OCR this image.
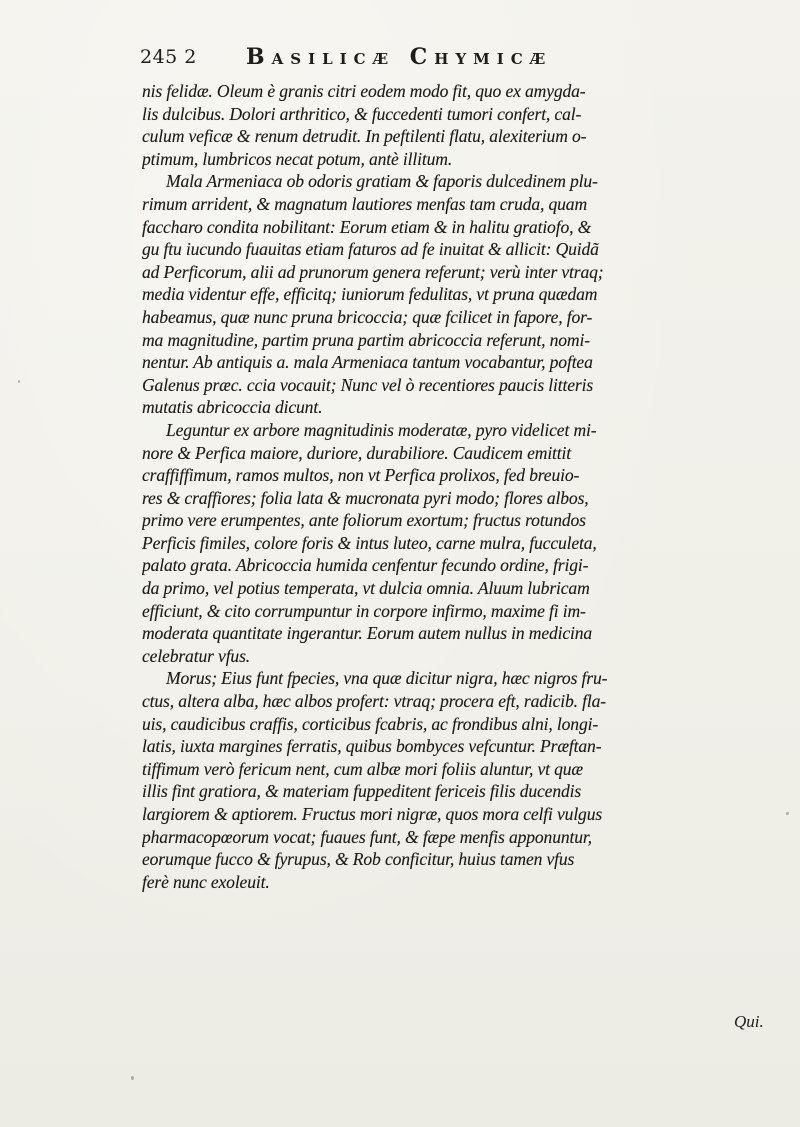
245 2 Basilicæ Chymicæ
nis felidæ. Oleum è granis citri eodem modo fit, quo ex amygda-
lis dulcibus. Dolori arthritico, & fuccedenti tumori confert, cal-
culum veficæ & renum detrudit. In peftilenti flatu, alexiterium o-
ptimum, lumbricos necat potum, antè illitum.
Mala Armeniaca ob odoris gratiam & faporis dulcedinem plu-
rimum arrident, & magnatum lautiores menfas tam cruda, quam
faccharo condita nobilitant: Eorum etiam & in halitu gratiofo, &
gu ftu iucundo fuauitas etiam faturos ad fe inuitat & allicit: Quidã
ad Perficorum, alii ad prunorum genera referunt; verù inter vtraq;
media videntur effe, efficitq; iuniorum fedulitas, vt pruna quædam
habeamus, quæ nunc pruna bricoccia; quæ fcilicet in fapore, for-
ma magnitudine, partim pruna partim abricoccia referunt, nomi-
nentur. Ab antiquis a. mala Armeniaca tantum vocabantur, poftea
Galenus præc. ccia vocauit; Nunc vel ò recentiores paucis litteris
mutatis abricoccia dicunt.
Leguntur ex arbore magnitudinis moderatæ, pyro videlicet mi-
nore & Perfica maiore, duriore, durabiliore. Caudicem emittit
craffiffimum, ramos multos, non vt Perfica prolixos, fed breuio-
res & craffiores; folia lata & mucronata pyri modo; flores albos,
primo vere erumpentes, ante foliorum exortum; fructus rotundos
Perficis fimiles, colore foris & intus luteo, carne mulra, fucculeta,
palato grata. Abricoccia humida cenfentur fecundo ordine, frigi-
da primo, vel potius temperata, vt dulcia omnia. Aluum lubricam
efficiunt, & cito corrumpuntur in corpore infirmo, maxime fi im-
moderata quantitate ingerantur. Eorum autem nullus in medicina
celebratur vfus.
Morus; Eius funt fpecies, vna quæ dicitur nigra, hæc nigros fru-
ctus, altera alba, hæc albos profert: vtraq; procera eft, radicib. fla-
uis, caudicibus craffis, corticibus fcabris, ac frondibus alni, longi-
latis, iuxta margines ferratis, quibus bombyces vefcuntur. Præftan-
tiffimum verò fericum nent, cum albæ mori foliis aluntur, vt quæ
illis fint gratiora, & materiam fuppeditent fericeis filis ducendis
largiorem & aptiorem. Fructus mori nigræ, quos mora celfi vulgus
pharmacopœorum vocat; fuaues funt, & fæpe menfis apponuntur,
eorumque fucco & fyrupus, & Rob conficitur, huius tamen vfus
ferè nunc exoleuit.
Qui.
